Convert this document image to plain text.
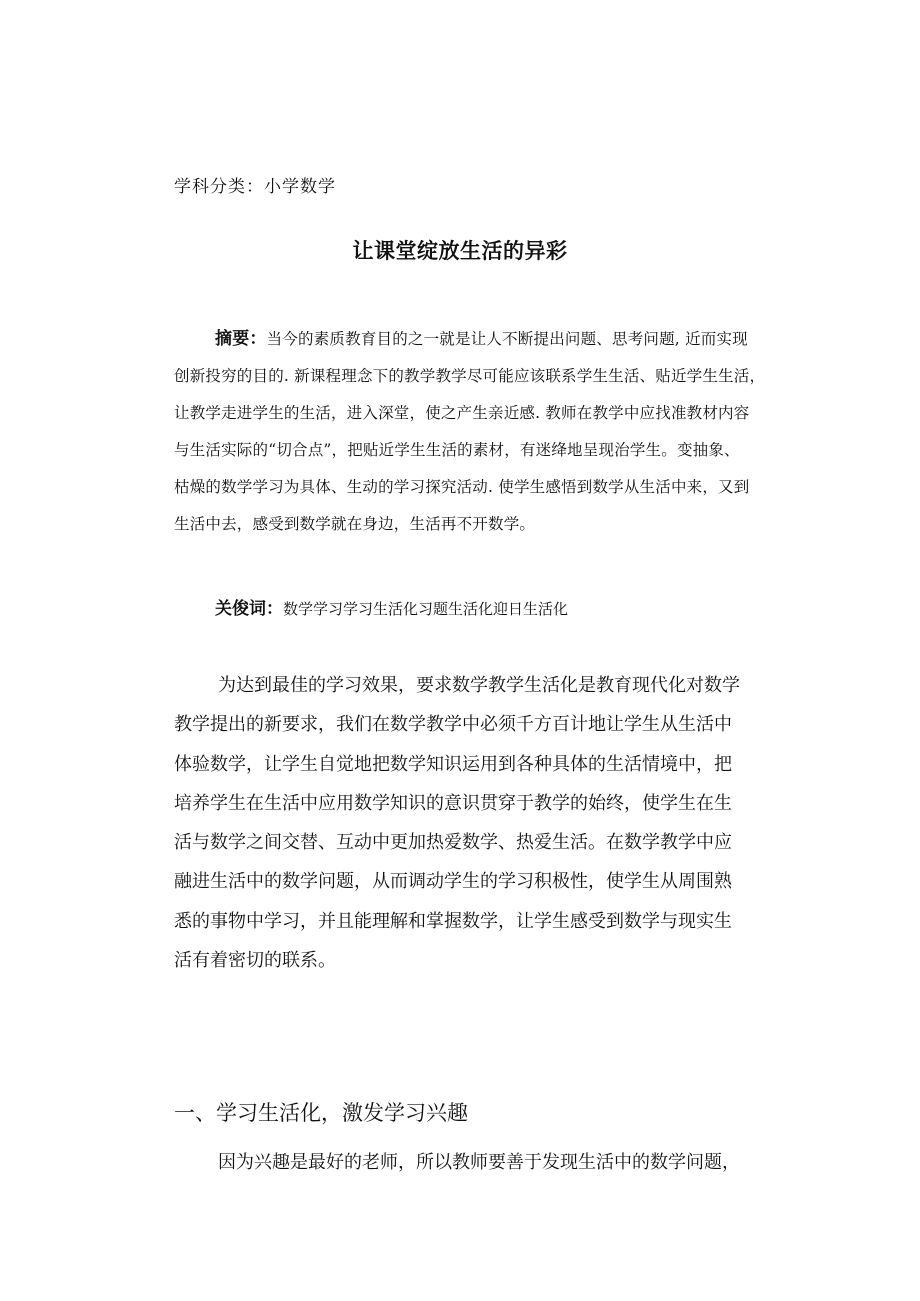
学科分类：小学数学
让课堂绽放生活的异彩
摘要：当今的素质教育目的之一就是让人不断提出问题、思考问题, 近而实现
创新投穷的目的. 新课程理念下的教学教学尽可能应该联系学生生活、贴近学生生活，
让教学走进学生的生活，进入深堂，使之产生亲近感. 教师在教学中应找准教材内容
与生活实际的“切合点”，把贴近学生生活的素材，有迷绛地呈现治学生。变抽象、
枯燥的数学学习为具体、生动的学习探究活动. 使学生感悟到数学从生活中来，又到
生活中去，感受到数学就在身边，生活再不开数学。
关俊词：数学学习学习生活化习题生活化迎日生活化
为达到最佳的学习效果，要求数学教学生活化是教育现代化对数学
教学提出的新要求，我们在数学教学中必须千方百计地让学生从生活中
体验数学，让学生自觉地把数学知识运用到各种具体的生活情境中，把
培养学生在生活中应用数学知识的意识贯穿于教学的始终，使学生在生
活与数学之间交替、互动中更加热爱数学、热爱生活。在数学教学中应
融进生活中的数学问题，从而调动学生的学习积极性，使学生从周围熟
悉的事物中学习，并且能理解和掌握数学，让学生感受到数学与现实生
活有着密切的联系。
一、学习生活化，激发学习兴趣
因为兴趣是最好的老师，所以教师要善于发现生活中的数学问题，
